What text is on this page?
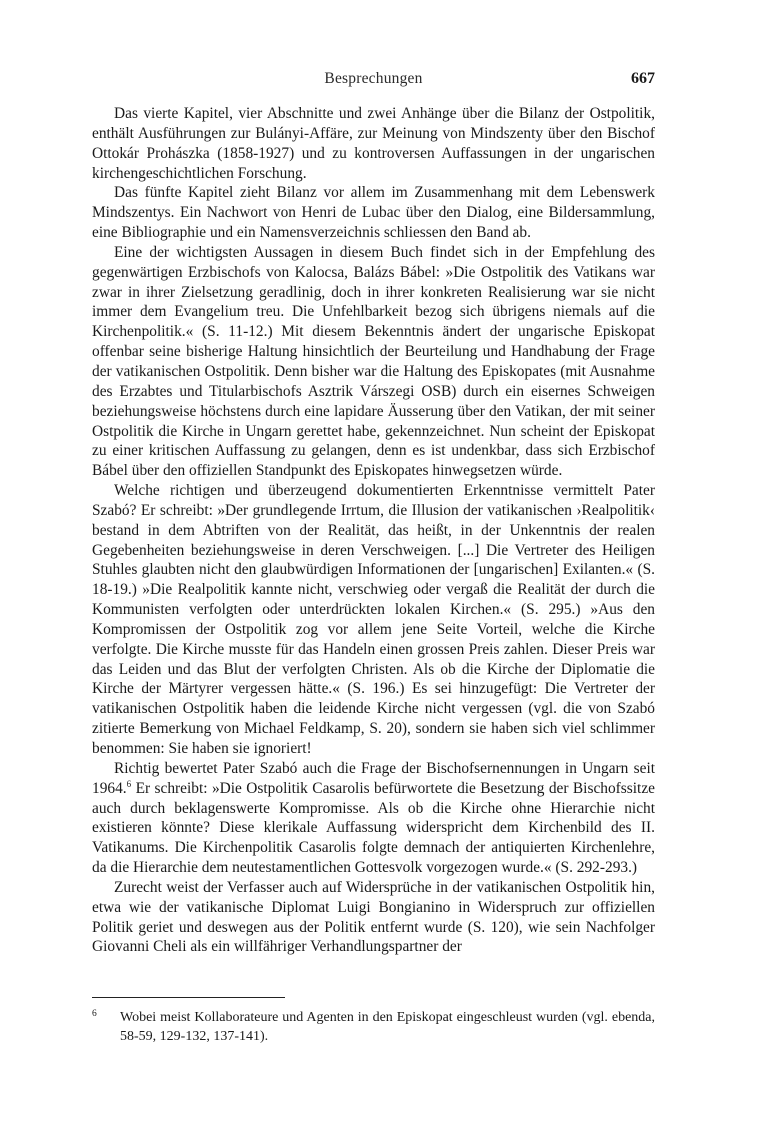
Besprechungen	667

Das vierte Kapitel, vier Abschnitte und zwei Anhänge über die Bilanz der Ostpolitik, enthält Ausführungen zur Bulányi-Affäre, zur Meinung von Mindszenty über den Bischof Ottokár Prohászka (1858-1927) und zu kontroversen Auffassungen in der ungarischen kirchengeschichtlichen Forschung.

Das fünfte Kapitel zieht Bilanz vor allem im Zusammenhang mit dem Lebenswerk Mindszentys. Ein Nachwort von Henri de Lubac über den Dialog, eine Bildersammlung, eine Bibliographie und ein Namensverzeichnis schliessen den Band ab.

Eine der wichtigsten Aussagen in diesem Buch findet sich in der Empfehlung des gegenwärtigen Erzbischofs von Kalocsa, Balázs Bábel: »Die Ostpolitik des Vatikans war zwar in ihrer Zielsetzung geradlinig, doch in ihrer konkreten Realisierung war sie nicht immer dem Evangelium treu. Die Unfehlbarkeit bezog sich übrigens niemals auf die Kirchenpolitik.« (S. 11-12.) Mit diesem Bekenntnis ändert der ungarische Episkopat offenbar seine bisherige Haltung hinsichtlich der Beurteilung und Handhabung der Frage der vatikanischen Ostpolitik. Denn bisher war die Haltung des Episkopates (mit Ausnahme des Erzabtes und Titularbischofs Asztrik Várszegi OSB) durch ein eisernes Schweigen beziehungsweise höchstens durch eine lapidare Äusserung über den Vatikan, der mit seiner Ostpolitik die Kirche in Ungarn gerettet habe, gekennzeichnet. Nun scheint der Episkopat zu einer kritischen Auffassung zu gelangen, denn es ist undenkbar, dass sich Erzbischof Bábel über den offiziellen Standpunkt des Episkopates hinwegsetzen würde.

Welche richtigen und überzeugend dokumentierten Erkenntnisse vermittelt Pater Szabó? Er schreibt: »Der grundlegende Irrtum, die Illusion der vatikanischen ›Realpolitik‹ bestand in dem Abtriften von der Realität, das heißt, in der Unkenntnis der realen Gegebenheiten beziehungsweise in deren Verschweigen. [...] Die Vertreter des Heiligen Stuhles glaubten nicht den glaubwürdigen Informationen der [ungarischen] Exilanten.« (S. 18-19.) »Die Realpolitik kannte nicht, verschwieg oder vergaß die Realität der durch die Kommunisten verfolgten oder unterdrückten lokalen Kirchen.« (S. 295.) »Aus den Kompromissen der Ostpolitik zog vor allem jene Seite Vorteil, welche die Kirche verfolgte. Die Kirche musste für das Handeln einen grossen Preis zahlen. Dieser Preis war das Leiden und das Blut der verfolgten Christen. Als ob die Kirche der Diplomatie die Kirche der Märtyrer vergessen hätte.« (S. 196.) Es sei hinzugefügt: Die Vertreter der vatikanischen Ostpolitik haben die leidende Kirche nicht vergessen (vgl. die von Szabó zitierte Bemerkung von Michael Feldkamp, S. 20), sondern sie haben sich viel schlimmer benommen: Sie haben sie ignoriert!

Richtig bewertet Pater Szabó auch die Frage der Bischofsernennungen in Ungarn seit 1964.$^6$ Er schreibt: »Die Ostpolitik Casarolis befürwortete die Besetzung der Bischofssitze auch durch beklagenswerte Kompromisse. Als ob die Kirche ohne Hierarchie nicht existieren könnte? Diese klerikale Auffassung widerspricht dem Kirchenbild des II. Vatikanums. Die Kirchenpolitik Casarolis folgte demnach der antiquierten Kirchenlehre, da die Hierarchie dem neutestamentlichen Gottesvolk vorgezogen wurde.« (S. 292-293.)

Zurecht weist der Verfasser auch auf Widersprüche in der vatikanischen Ostpolitik hin, etwa wie der vatikanische Diplomat Luigi Bongianino in Widerspruch zur offiziellen Politik geriet und deswegen aus der Politik entfernt wurde (S. 120), wie sein Nachfolger Giovanni Cheli als ein willfähriger Verhandlungspartner der

6 Wobei meist Kollaborateure und Agenten in den Episkopat eingeschleust wurden (vgl. ebenda, 58-59, 129-132, 137-141).
